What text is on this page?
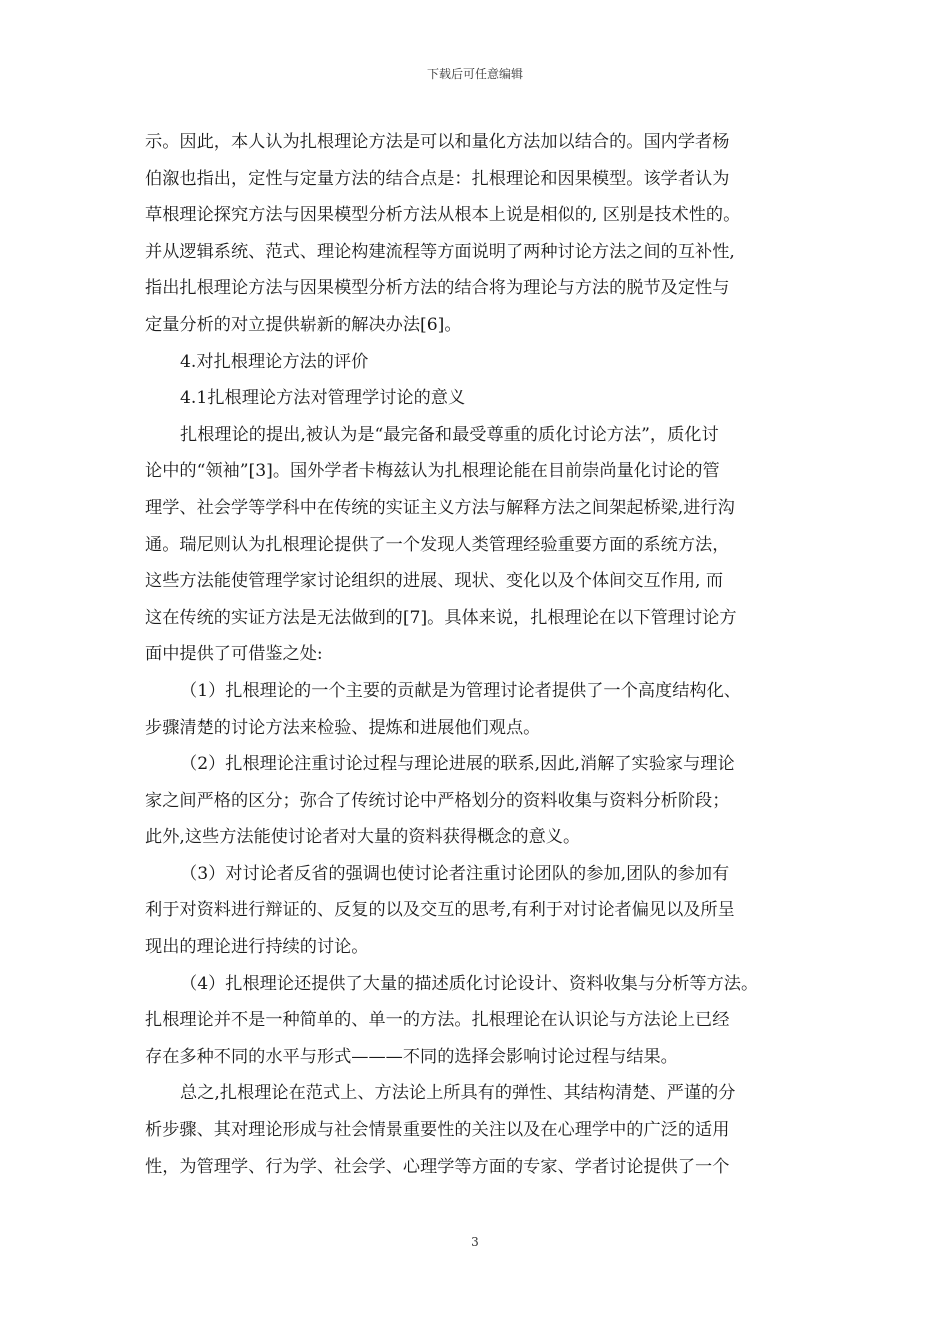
下载后可任意编辑
示。因此，本人认为扎根理论方法是可以和量化方法加以结合的。国内学者杨
伯溆也指出，定性与定量方法的结合点是：扎根理论和因果模型。该学者认为
草根理论探究方法与因果模型分析方法从根本上说是相似的, 区别是技术性的。
并从逻辑系统、范式、理论构建流程等方面说明了两种讨论方法之间的互补性,
指出扎根理论方法与因果模型分析方法的结合将为理论与方法的脱节及定性与
定量分析的对立提供崭新的解决办法[6]。
4.对扎根理论方法的评价
4.1扎根理论方法对管理学讨论的意义
扎根理论的提出,被认为是“最完备和最受尊重的质化讨论方法”，质化讨
论中的“领袖”[3]。国外学者卡梅兹认为扎根理论能在目前崇尚量化讨论的管
理学、社会学等学科中在传统的实证主义方法与解释方法之间架起桥梁,进行沟
通。瑞尼则认为扎根理论提供了一个发现人类管理经验重要方面的系统方法，
这些方法能使管理学家讨论组织的进展、现状、变化以及个体间交互作用, 而
这在传统的实证方法是无法做到的[7]。具体来说，扎根理论在以下管理讨论方
面中提供了可借鉴之处:
（1）扎根理论的一个主要的贡献是为管理讨论者提供了一个高度结构化、
步骤清楚的讨论方法来检验、提炼和进展他们观点。
（2）扎根理论注重讨论过程与理论进展的联系,因此,消解了实验家与理论
家之间严格的区分；弥合了传统讨论中严格划分的资料收集与资料分析阶段；
此外,这些方法能使讨论者对大量的资料获得概念的意义。
（3）对讨论者反省的强调也使讨论者注重讨论团队的参加,团队的参加有
利于对资料进行辩证的、反复的以及交互的思考,有利于对讨论者偏见以及所呈
现出的理论进行持续的讨论。
（4）扎根理论还提供了大量的描述质化讨论设计、资料收集与分析等方法。
扎根理论并不是一种简单的、单一的方法。扎根理论在认识论与方法论上已经
存在多种不同的水平与形式———不同的选择会影响讨论过程与结果。
总之,扎根理论在范式上、方法论上所具有的弹性、其结构清楚、严谨的分
析步骤、其对理论形成与社会情景重要性的关注以及在心理学中的广泛的适用
性，为管理学、行为学、社会学、心理学等方面的专家、学者讨论提供了一个
3
